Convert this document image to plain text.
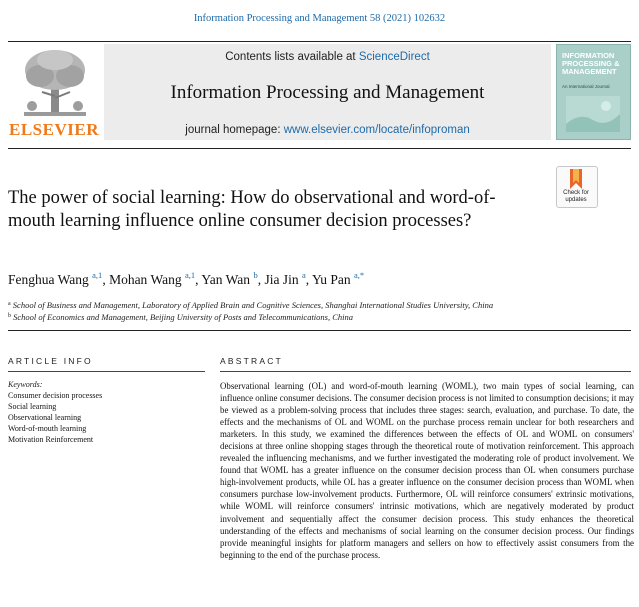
Information Processing and Management 58 (2021) 102632
ELSEVIER
Contents lists available at ScienceDirect
Information Processing and Management
journal homepage: www.elsevier.com/locate/infoproman
INFORMATION PROCESSING & MANAGEMENT
An International Journal
The power of social learning: How do observational and word-of-mouth learning influence online consumer decision processes?
Check for updates
Fenghua Wang $^{a,1}$, Mohan Wang $^{a,1}$, Yan Wan $^b$, Jia Jin $^a$, Yu Pan $^{a,*}$
$^a$ School of Business and Management, Laboratory of Applied Brain and Cognitive Sciences, Shanghai International Studies University, China
$^b$ School of Economics and Management, Beijing University of Posts and Telecommunications, China
ARTICLE INFO
Keywords:
Consumer decision processes
Social learning
Observational learning
Word-of-mouth learning
Motivation Reinforcement
ABSTRACT
Observational learning (OL) and word-of-mouth learning (WOML), two main types of social learning, can influence online consumer decisions. The consumer decision process is not limited to consumption decisions; it may be viewed as a problem-solving process that includes three stages: search, evaluation, and purchase. To date, the effects and the mechanisms of OL and WOML on the purchase process remain unclear for both researchers and marketers. In this study, we examined the differences between the effects of OL and WOML on consumers' decisions at three online shopping stages through the theoretical route of motivation reinforcement. This approach revealed the influencing mechanisms, and we further investigated the moderating role of product involvement. We found that WOML has a greater influence on the consumer decision process than OL when consumers purchase high-involvement products, while OL has a greater influence on the consumer decision process than WOML when consumers purchase low-involvement products. Furthermore, OL will reinforce consumers' extrinsic motivations, while WOML will reinforce consumers' intrinsic motivations, which are negatively moderated by product involvement and sequentially affect the consumer decision process. This study enhances the theoretical understanding of the effects and mechanisms of social learning on the consumer decision process. Our findings provide meaningful insights for platform managers and sellers on how to effectively assist consumers from the beginning to the end of the purchase process.
